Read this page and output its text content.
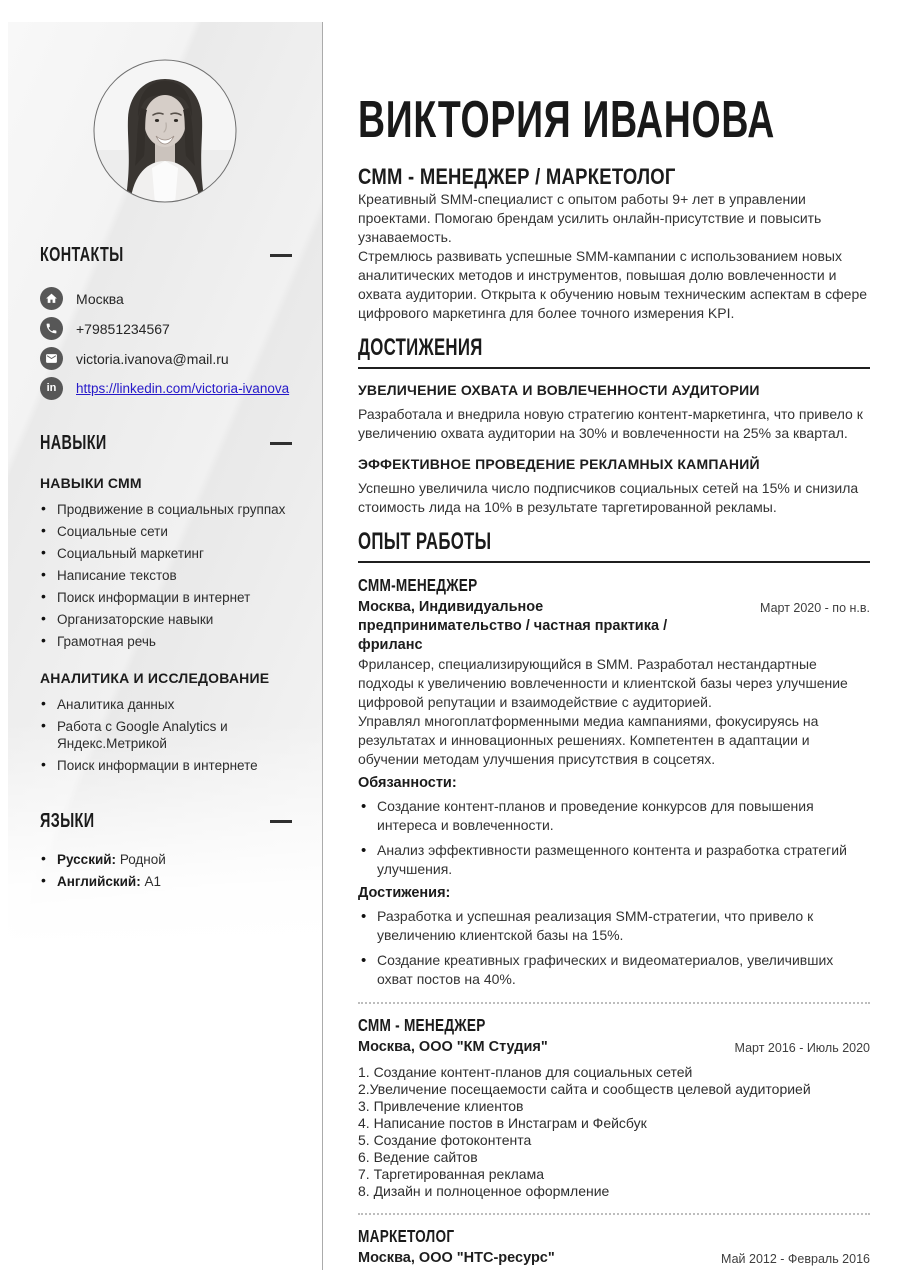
КОНТАКТЫ
Москва
+79851234567
victoria.ivanova@mail.ru
in https://linkedin.com/victoria-ivanova
НАВЫКИ
НАВЫКИ СММ
• Продвижение в социальных группах
• Социальные сети
• Социальный маркетинг
• Написание текстов
• Поиск информации в интернет
• Организаторские навыки
• Грамотная речь
АНАЛИТИКА И ИССЛЕДОВАНИЕ
• Аналитика данных
• Работа с Google Analytics и Яндекс.Метрикой
• Поиск информации в интернете
ЯЗЫКИ
• Русский: Родной
• Английский: A1
ВИКТОРИЯ ИВАНОВА
СММ - МЕНЕДЖЕР / МАРКЕТОЛОГ

Креативный SMM-специалист с опытом работы 9+ лет в управлении проектами. Помогаю брендам усилить онлайн-присутствие и повысить узнаваемость.

Стремлюсь развивать успешные SMM-кампании с использованием новых аналитических методов и инструментов, повышая долю вовлеченности и охвата аудитории. Открыта к обучению новым техническим аспектам в сфере цифрового маркетинга для более точного измерения KPI.

ДОСТИЖЕНИЯ
УВЕЛИЧЕНИЕ ОХВАТА И ВОВЛЕЧЕННОСТИ АУДИТОРИИ

Разработала и внедрила новую стратегию контент-маркетинга, что привело к увеличению охвата аудитории на 30% и вовлеченности на 25% за квартал.

ЭФФЕКТИВНОЕ ПРОВЕДЕНИЕ РЕКЛАМНЫХ КАМПАНИЙ

Успешно увеличила число подписчиков социальных сетей на 15% и снизила стоимость лида на 10% в результате таргетированной рекламы.

ОПЫТ РАБОТЫ
СММ-МЕНЕДЖЕР
Москва, Индивидуальное предпринимательство / частная практика / фриланс
Март 2020 - по н.в.

Фрилансер, специализирующийся в SMM. Разработал нестандартные подходы к увеличению вовлеченности и клиентской базы через улучшение цифровой репутации и взаимодействие с аудиторией.

Управлял многоплатформенными медиа кампаниями, фокусируясь на результатах и инновационных решениях. Компетентен в адаптации и обучении методам улучшения присутствия в соцсетях.

Обязанности:
• Создание контент-планов и проведение конкурсов для повышения интереса и вовлеченности.
• Анализ эффективности размещенного контента и разработка стратегий улучшения.
Достижения:
• Разработка и успешная реализация SMM-стратегии, что привело к увеличению клиентской базы на 15%.
• Создание креативных графических и видеоматериалов, увеличивших охват постов на 40%.
СММ - МЕНЕДЖЕР
Москва, ООО "КМ Студия"	Март 2016 - Июль 2020
1. Создание контент-планов для социальных сетей
2.Увеличение посещаемости сайта и сообществ целевой аудиторией
3. Привлечение клиентов
4. Написание постов в Инстаграм и Фейсбук
5. Создание фотоконтента
6. Ведение сайтов
7. Таргетированная реклама
8. Дизайн и полноценное оформление
МАРКЕТОЛОГ
Москва, ООО "НТС-ресурс"	Май 2012 - Февраль 2016
